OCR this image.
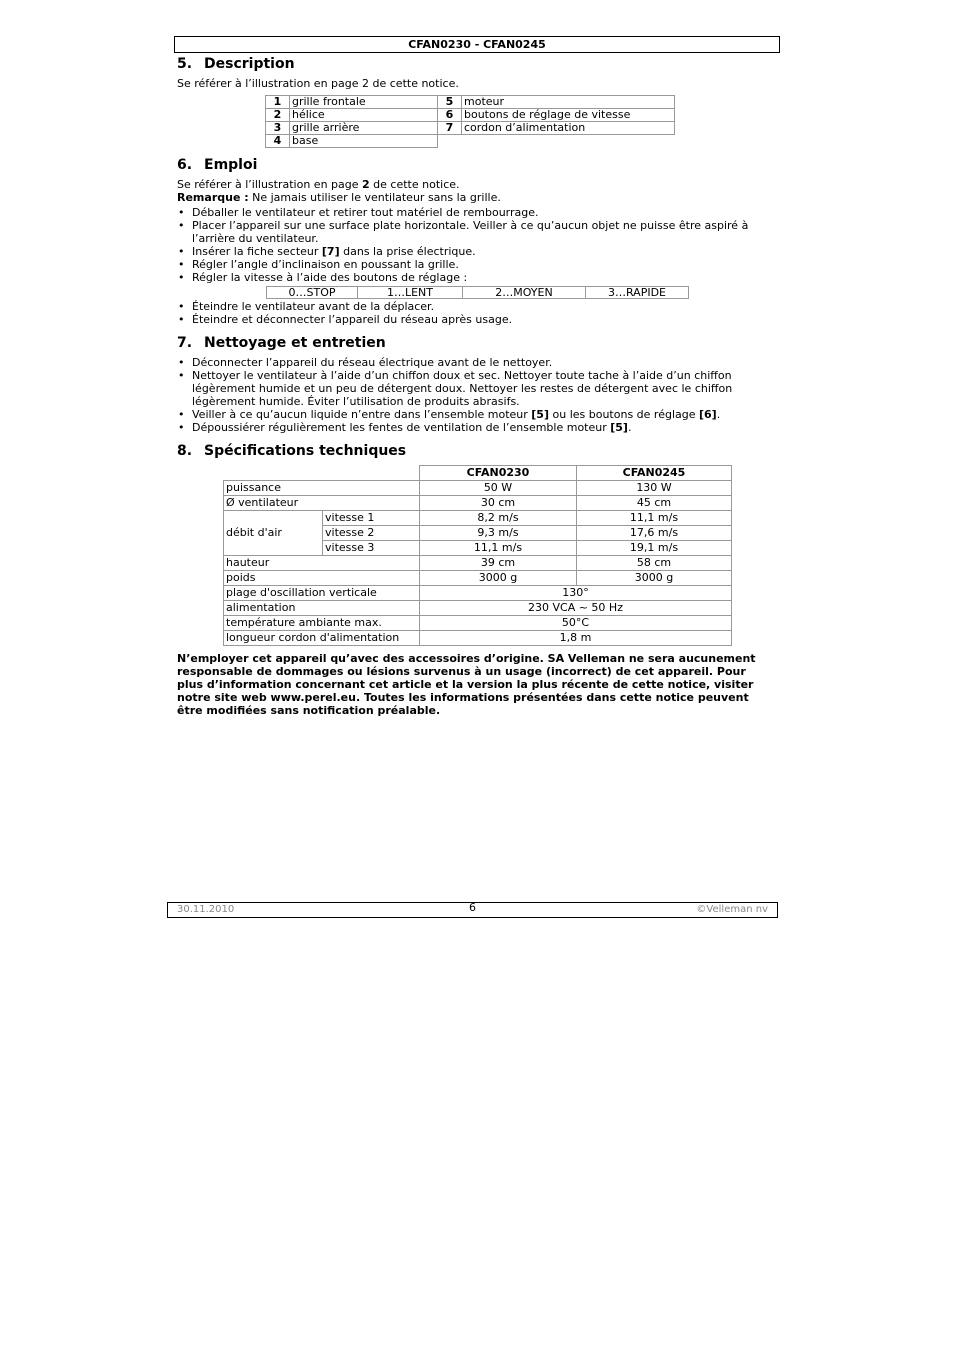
CFAN0230 - CFAN0245
5. Description

Se référer à l’illustration en page 2 de cette notice.

1	grille frontale	5	moteur
2	hélice	6	boutons de réglage de vitesse
3	grille arrière	7	cordon d’alimentation
4	base		
6. Emploi

Se référer à l’illustration en page 2 de cette notice.

Remarque : Ne jamais utiliser le ventilateur sans la grille.

• Déballer le ventilateur et retirer tout matériel de rembourrage.
• Placer l’appareil sur une surface plate horizontale. Veiller à ce qu’aucun objet ne puisse être aspiré à l’arrière du ventilateur.
• Insérer la fiche secteur [7] dans la prise électrique.
• Régler l’angle d’inclinaison en poussant la grille.
• Régler la vitesse à l’aide des boutons de réglage :
0…STOP	1…LENT	2…MOYEN	3…RAPIDE
• Éteindre le ventilateur avant de la déplacer.
• Éteindre et déconnecter l’appareil du réseau après usage.
7. Nettoyage et entretien
• Déconnecter l’appareil du réseau électrique avant de le nettoyer.
• Nettoyer le ventilateur à l’aide d’un chiffon doux et sec. Nettoyer toute tache à l’aide d’un chiffon légèrement humide et un peu de détergent doux. Nettoyer les restes de détergent avec le chiffon légèrement humide. Éviter l’utilisation de produits abrasifs.
• Veiller à ce qu’aucun liquide n’entre dans l’ensemble moteur [5] ou les boutons de réglage [6].
• Dépoussiérer régulièrement les fentes de ventilation de l’ensemble moteur [5].
8. Spécifications techniques
		CFAN0230	CFAN0245
puissance		50 W	130 W
Ø ventilateur		30 cm	45 cm
débit d'air	vitesse 1	8,2 m/s	11,1 m/s
	vitesse 2	9,3 m/s	17,6 m/s
	vitesse 3	11,1 m/s	19,1 m/s
hauteur		39 cm	58 cm
poids		3000 g	3000 g
plage d'oscillation verticale		130°	
alimentation		230 VCA ~ 50 Hz	
température ambiante max.		50°C	
longueur cordon d'alimentation		1,8 m	

N’employer cet appareil qu’avec des accessoires d’origine. SA Velleman ne sera aucunement responsable de dommages ou lésions survenus à un usage (incorrect) de cet appareil. Pour plus d’information concernant cet article et la version la plus récente de cette notice, visiter notre site web www.perel.eu. Toutes les informations présentées dans cette notice peuvent être modifiées sans notification préalable.

30.11.2010	6	©Velleman nv
